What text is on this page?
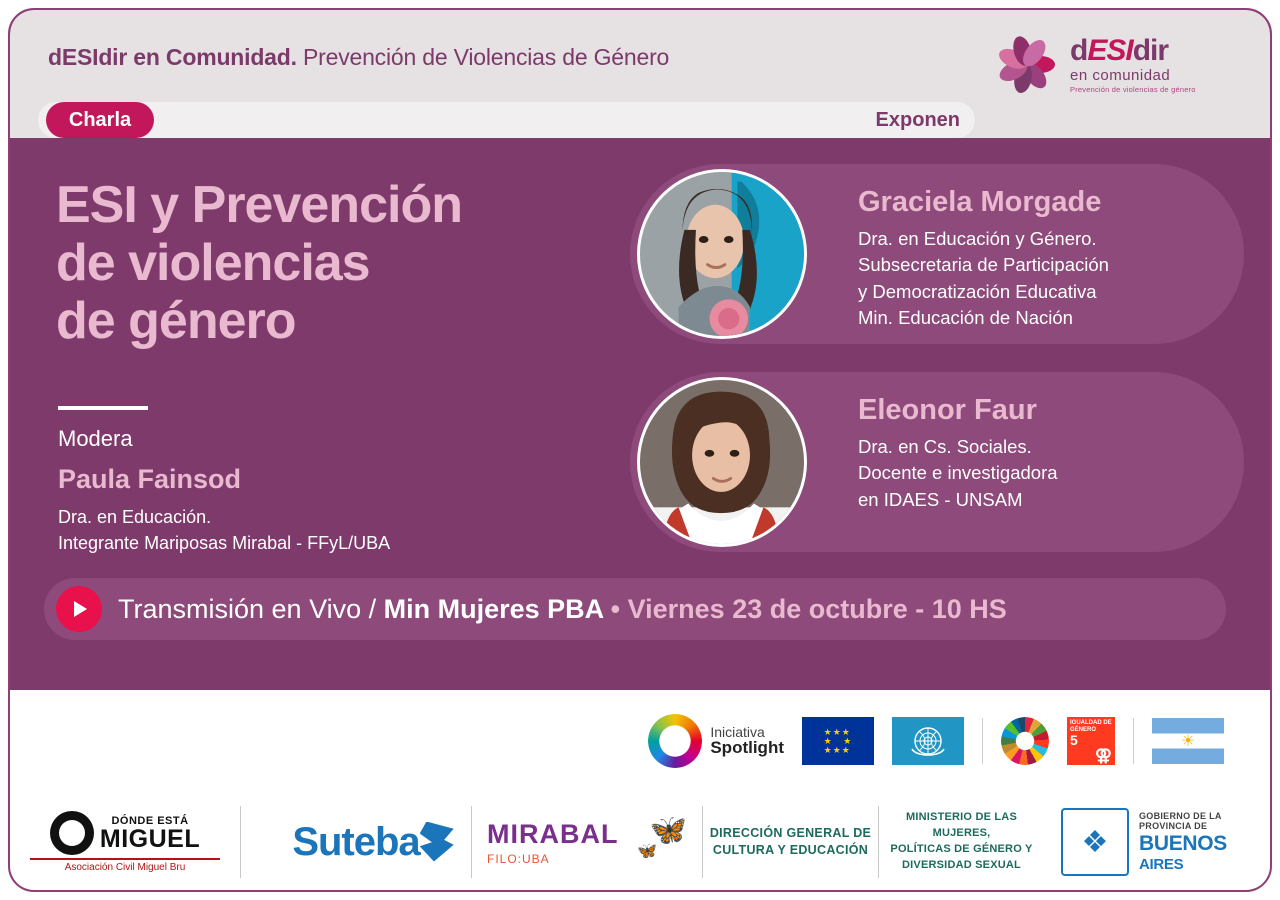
dESIdir en Comunidad. Prevención de Violencias de Género
Charla	Exponen
dESIdir
en comunidad
Prevención de violencias de género
ESI y Prevención
de violencias
de género
Modera
Paula Fainsod
Dra. en Educación.
Integrante Mariposas Mirabal - FFyL/UBA
Graciela Morgade
Dra. en Educación y Género.
Subsecretaria de Participación
y Democratización Educativa
Min. Educación de Nación
Eleonor Faur
Dra. en Cs. Sociales.
Docente e investigadora
en IDAES - UNSAM
Transmisión en Vivo / Min Mujeres PBA • Viernes 23 de octubre - 10 HS
Iniciativa
Spotlight
★★★
★   ★
★★★
IGUALDAD DE GÉNERO
5
⚢
☀
DÓNDE ESTÁ
MIGUEL
Asociación Civil Miguel Bru
Suteba MIRABAL
FILO:UBA
🦋
🦋
DIRECCIÓN GENERAL DE
CULTURA Y EDUCACIÓN
MINISTERIO DE LAS MUJERES,
POLÍTICAS DE GÉNERO Y
DIVERSIDAD SEXUAL
❖
GOBIERNO DE LA
PROVINCIA DE
BUENOS
AIRES
